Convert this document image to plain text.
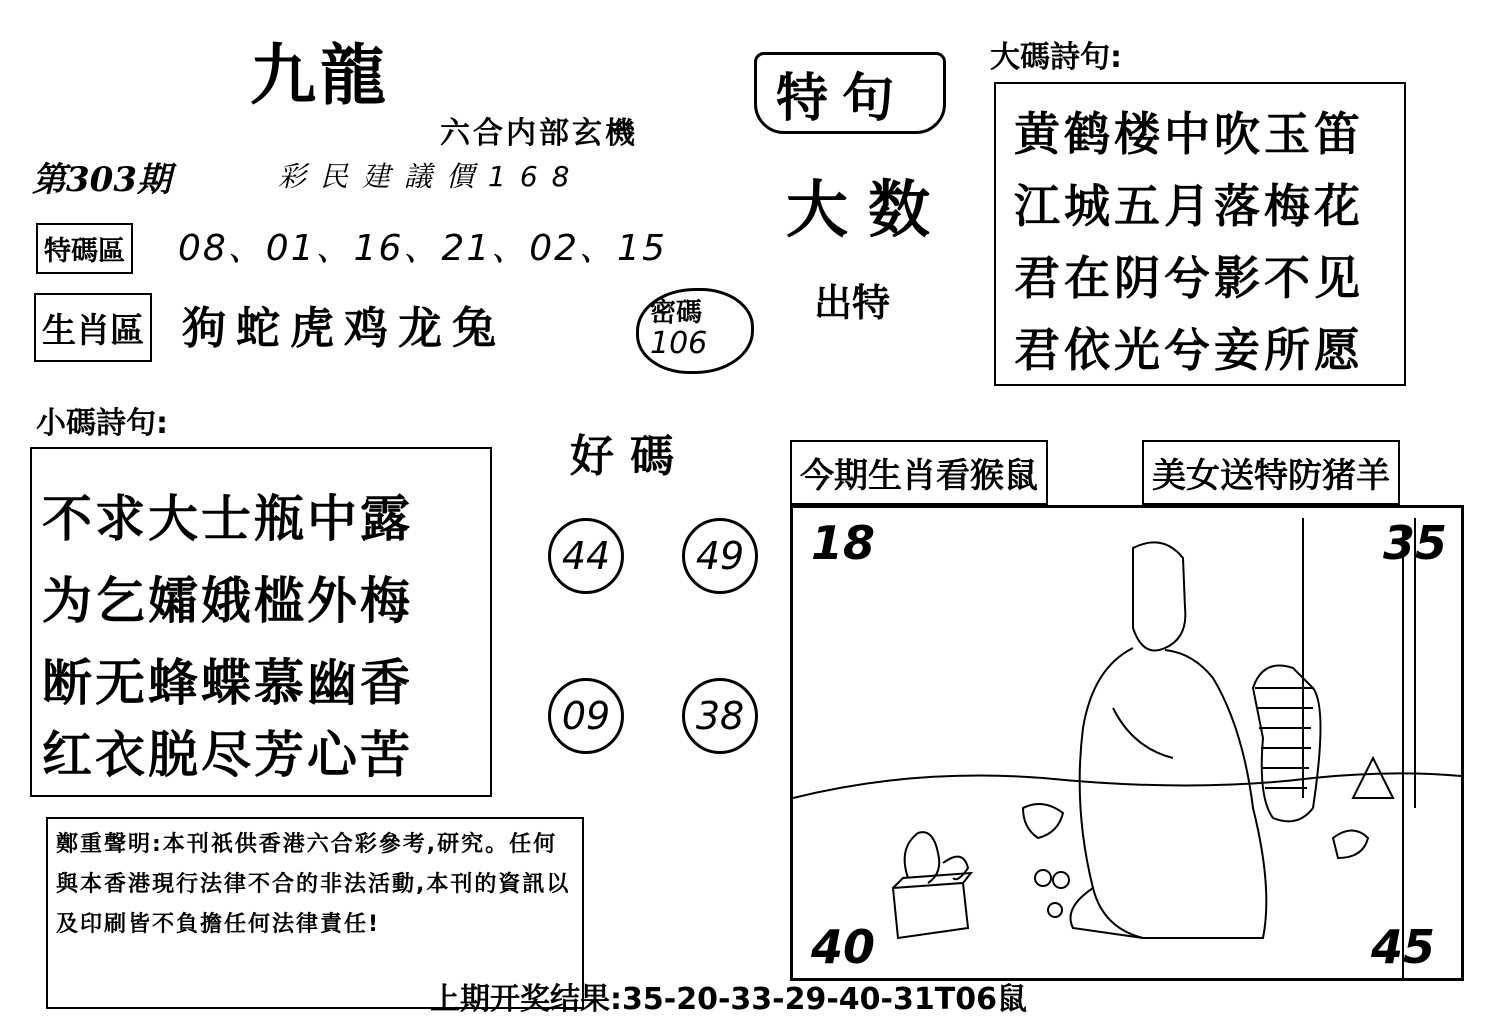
九龍
六合内部玄機
第303期	彩民建議價168
特碼區 08、01、16、21、02、15
生肖區 狗蛇虎鸡龙兔	密碼
106
特句
大数
出特
大碼詩句:
黄鹤楼中吹玉笛
江城五月落梅花
君在阴兮影不见
君依光兮妾所愿
小碼詩句:
不求大士瓶中露
为乞孀娥槛外梅
断无蜂蝶慕幽香
红衣脱尽芳心苦
好碼
44	49
09	38
今期生肖看猴鼠	美女送特防猪羊
18	35
40	45
鄭重聲明:本刊祇供香港六合彩參考,研究。任何與本香港現行法律不合的非法活動,本刊的資訊以及印刷皆不負擔任何法律責任!
上期开奖结果:35-20-33-29-40-31T06鼠
